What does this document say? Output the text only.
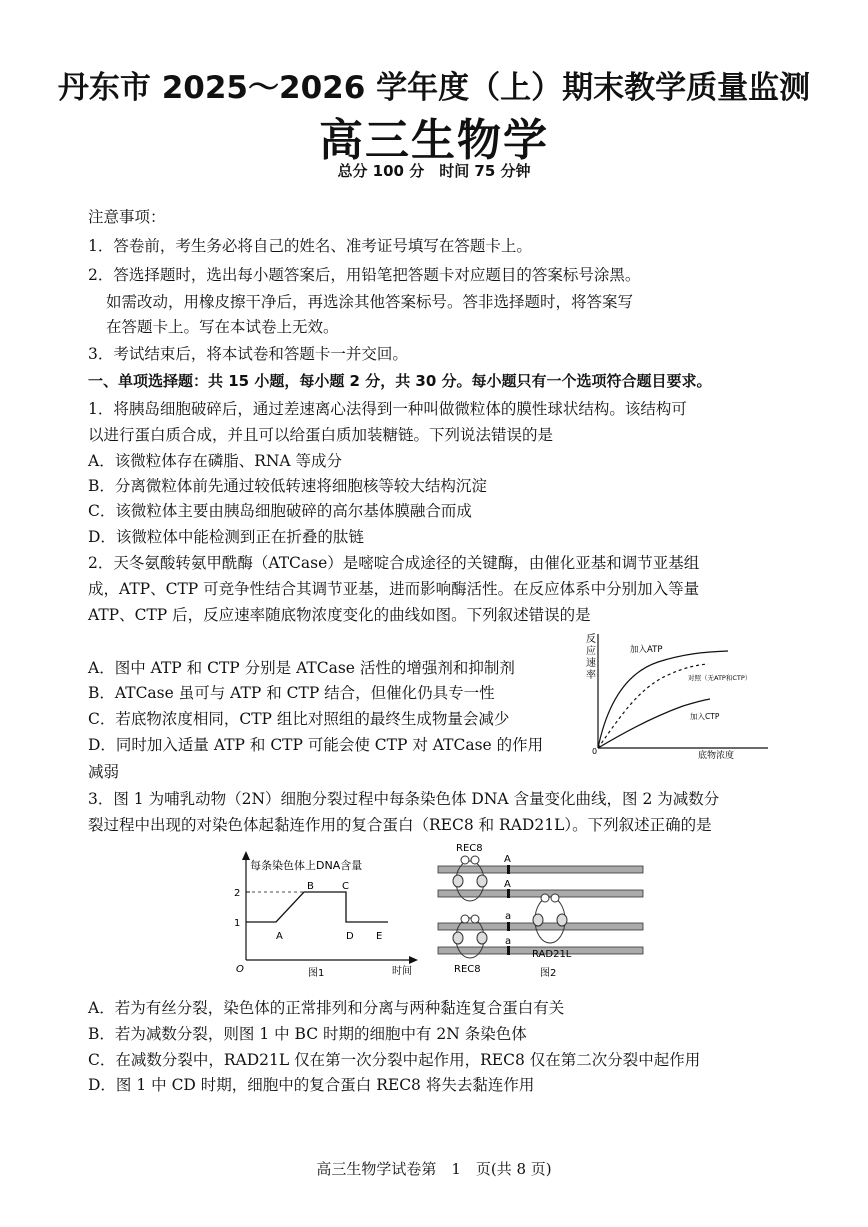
丹东市 2025～2026 学年度（上）期末教学质量监测
高三生物学
总分 100 分　时间 75 分钟
注意事项：
1．答卷前，考生务必将自己的姓名、准考证号填写在答题卡上。
2．答选择题时，选出每小题答案后，用铅笔把答题卡对应题目的答案标号涂黑。
如需改动，用橡皮擦干净后，再选涂其他答案标号。答非选择题时，将答案写
在答题卡上。写在本试卷上无效。
3．考试结束后，将本试卷和答题卡一并交回。
一、单项选择题：共 15 小题，每小题 2 分，共 30 分。每小题只有一个选项符合题目要求。
1．将胰岛细胞破碎后，通过差速离心法得到一种叫做微粒体的膜性球状结构。该结构可
以进行蛋白质合成，并且可以给蛋白质加装糖链。下列说法错误的是
A．该微粒体存在磷脂、RNA 等成分
B．分离微粒体前先通过较低转速将细胞核等较大结构沉淀
C．该微粒体主要由胰岛细胞破碎的高尔基体膜融合而成
D．该微粒体中能检测到正在折叠的肽链
2．天冬氨酸转氨甲酰酶（ATCase）是嘧啶合成途径的关键酶，由催化亚基和调节亚基组
成，ATP、CTP 可竞争性结合其调节亚基，进而影响酶活性。在反应体系中分别加入等量
ATP、CTP 后，反应速率随底物浓度变化的曲线如图。下列叙述错误的是
A．图中 ATP 和 CTP 分别是 ATCase 活性的增强剂和抑制剂
B．ATCase 虽可与 ATP 和 CTP 结合，但催化仍具专一性
C．若底物浓度相同，CTP 组比对照组的最终生成物量会减少
D．同时加入适量 ATP 和 CTP 可能会使 CTP 对 ATCase 的作用
减弱
反
应
速
率
0
加入ATP
对照（无ATP和CTP）
加入CTP
底物浓度
3．图 1 为哺乳动物（2N）细胞分裂过程中每条染色体 DNA 含量变化曲线，图 2 为减数分
裂过程中出现的对染色体起黏连作用的复合蛋白（REC8 和 RAD21L）。下列叙述正确的是
每条染色体上DNA含量
2
1
O
A
B	C
D E
时间
图1
REC8
REC8
RAD21L
A
A
a
a
图2
A．若为有丝分裂，染色体的正常排列和分离与两种黏连复合蛋白有关
B．若为减数分裂，则图 1 中 BC 时期的细胞中有 2N 条染色体
C．在减数分裂中，RAD21L 仅在第一次分裂中起作用，REC8 仅在第二次分裂中起作用
D．图 1 中 CD 时期，细胞中的复合蛋白 REC8 将失去黏连作用
高三生物学试卷第　1　页(共 8 页)
